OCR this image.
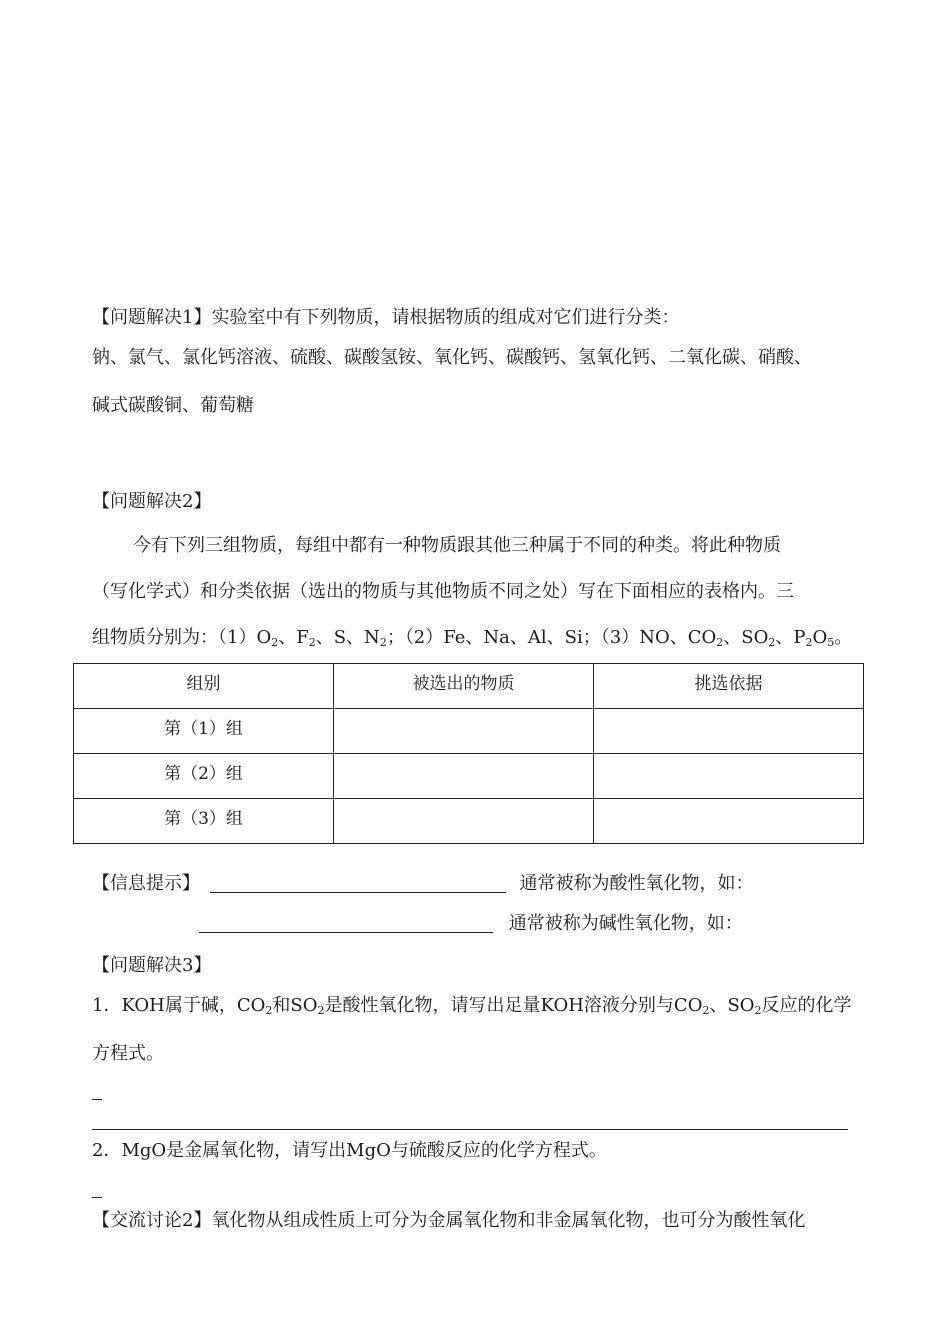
【问题解决1】实验室中有下列物质，请根据物质的组成对它们进行分类：
钠、氯气、氯化钙溶液、硫酸、碳酸氢铵、氧化钙、碳酸钙、氢氧化钙、二氧化碳、硝酸、
碱式碳酸铜、葡萄糖
【问题解决2】
今有下列三组物质，每组中都有一种物质跟其他三种属于不同的种类。将此种物质
（写化学式）和分类依据（选出的物质与其他物质不同之处）写在下面相应的表格内。三
组物质分别为：$(1)O_2$、$F_2$、S、$N_2$；（2）Fe、Na、Al、Si；（3）NO、$CO_2$、$SO_2$、$P_2O_5$。
组别	被选出的物质	挑选依据
第（1）组		
第（2）组		
第（3）组		
【信息提示】	通常被称为酸性氧化物，如：
通常被称为碱性氧化物，如：
【问题解决3】
1．KOH属于碱，$CO_2$和$SO_2$是酸性氧化物，请写出足量KOH溶液分别与$CO_2$、$SO_2$反应的化学
方程式。
2．MgO是金属氧化物，请写出MgO与硫酸反应的化学方程式。
【交流讨论2】氧化物从组成性质上可分为金属氧化物和非金属氧化物，也可分为酸性氧化
